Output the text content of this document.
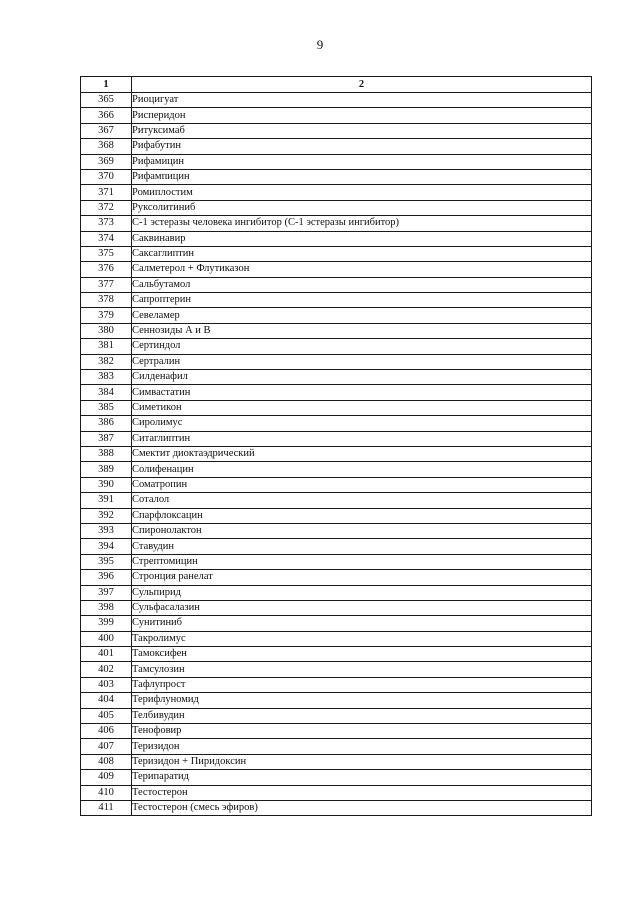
9
1	2
365	Риоцигуат
366	Рисперидон
367	Ритуксимаб
368	Рифабутин
369	Рифамицин
370	Рифампицин
371	Ромиплостим
372	Руксолитиниб
373	С-1 эстеразы человека ингибитор (С-1 эстеразы ингибитор)
374	Саквинавир
375	Саксаглиптин
376	Салметерол + Флутиказон
377	Сальбутамол
378	Сапроптерин
379	Севеламер
380	Сеннозиды А и В
381	Сертиндол
382	Сертралин
383	Силденафил
384	Симвастатин
385	Симетикон
386	Сиролимус
387	Ситаглиптин
388	Смектит диоктаэдрический
389	Солифенацин
390	Соматропин
391	Соталол
392	Спарфлоксацин
393	Спиронолактон
394	Ставудин
395	Стрептомицин
396	Стронция ранелат
397	Сульпирид
398	Сульфасалазин
399	Сунитиниб
400	Такролимус
401	Тамоксифен
402	Тамсулозин
403	Тафлупрост
404	Терифлуномид
405	Телбивудин
406	Тенофовир
407	Теризидон
408	Теризидон + Пиридоксин
409	Терипаратид
410	Тестостерон
411	Тестостерон (смесь эфиров)
